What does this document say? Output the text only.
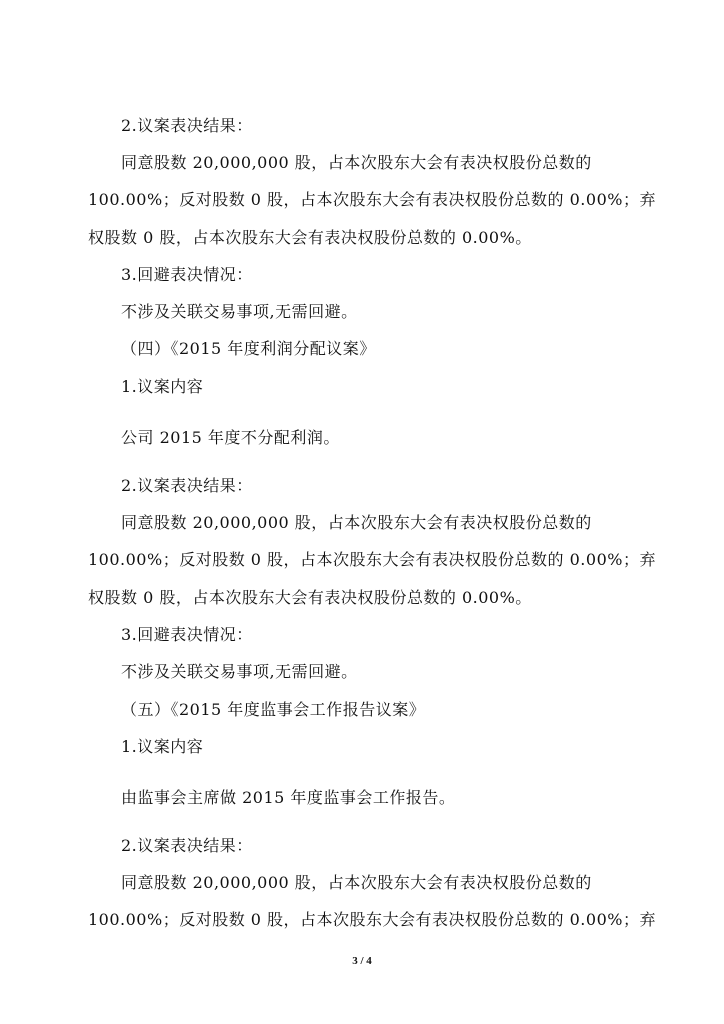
2.议案表决结果：
同意股数 20,000,000 股，占本次股东大会有表决权股份总数的
100.00%；反对股数 0 股，占本次股东大会有表决权股份总数的 0.00%；弃
权股数 0 股，占本次股东大会有表决权股份总数的 0.00%。
3.回避表决情况：
不涉及关联交易事项,无需回避。
（四）《2015 年度利润分配议案》
1.议案内容
公司 2015 年度不分配利润。
2.议案表决结果：
同意股数 20,000,000 股，占本次股东大会有表决权股份总数的
100.00%；反对股数 0 股，占本次股东大会有表决权股份总数的 0.00%；弃
权股数 0 股，占本次股东大会有表决权股份总数的 0.00%。
3.回避表决情况：
不涉及关联交易事项,无需回避。
（五）《2015 年度监事会工作报告议案》
1.议案内容
由监事会主席做 2015 年度监事会工作报告。
2.议案表决结果：
同意股数 20,000,000 股，占本次股东大会有表决权股份总数的
100.00%；反对股数 0 股，占本次股东大会有表决权股份总数的 0.00%；弃
3 / 4
